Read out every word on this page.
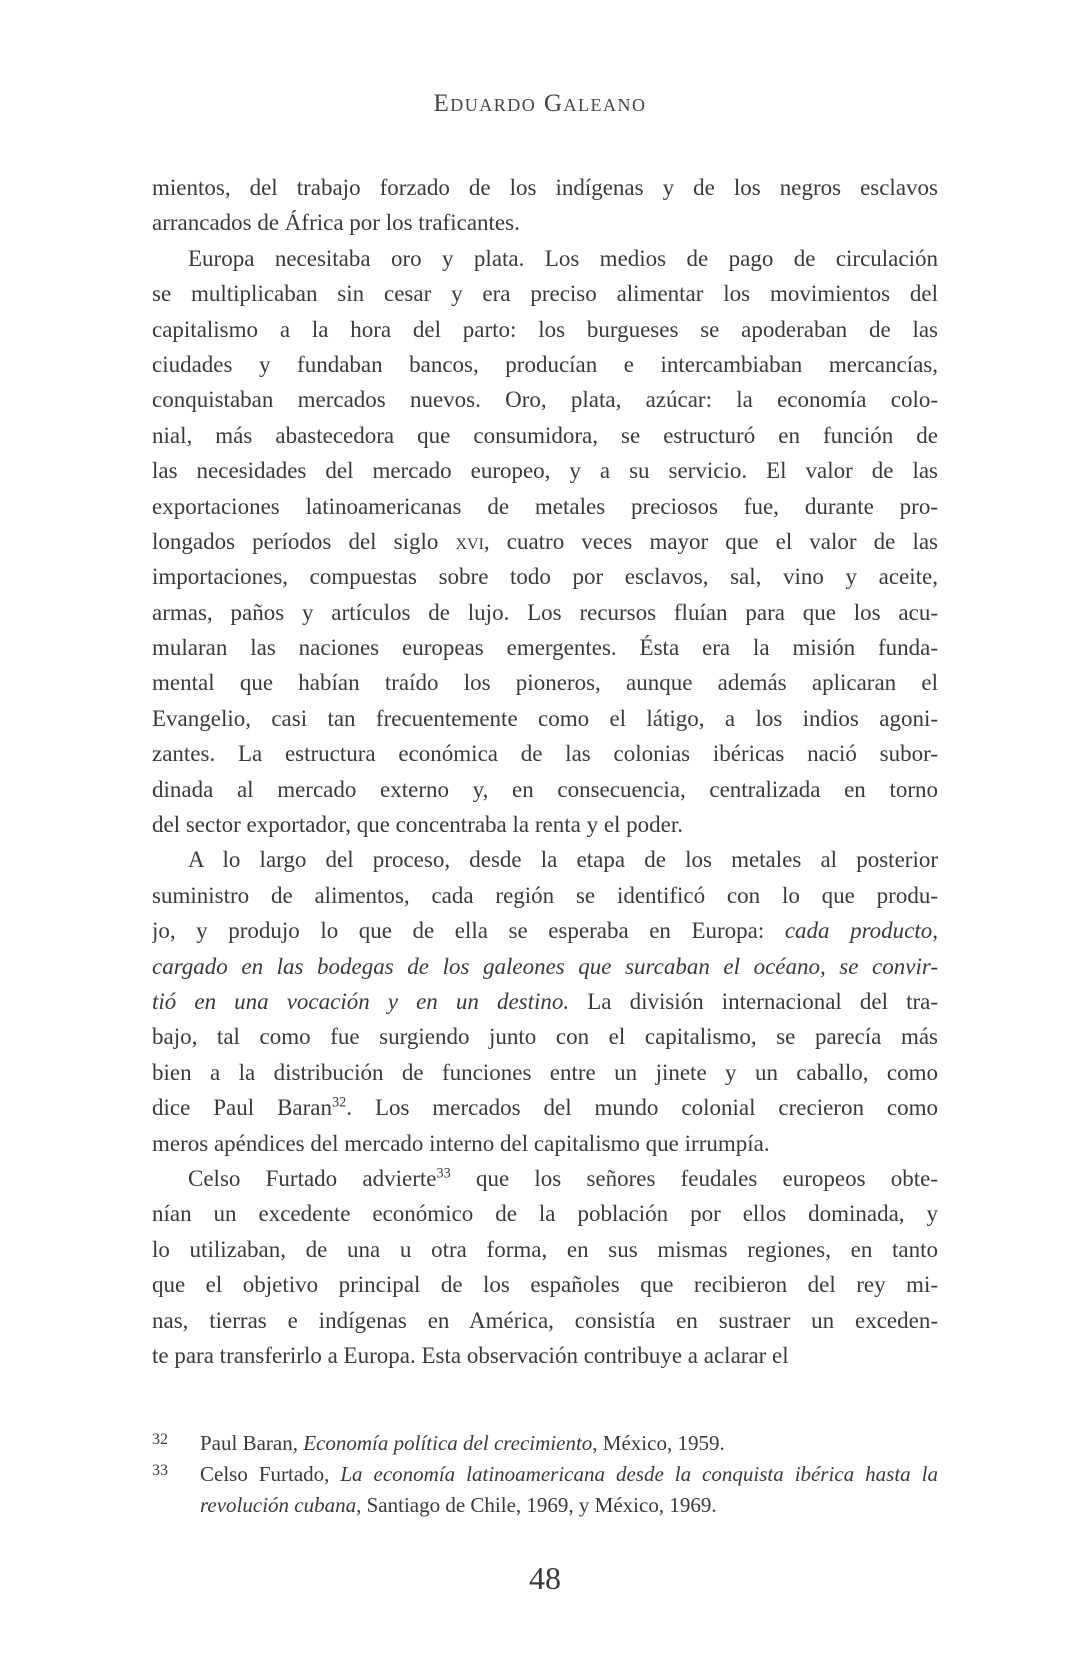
Eduardo Galeano
mientos, del trabajo forzado de los indígenas y de los negros esclavos
arrancados de África por los traficantes.
Europa necesitaba oro y plata. Los medios de pago de circulación
se multiplicaban sin cesar y era preciso alimentar los movimientos del
capitalismo a la hora del parto: los burgueses se apoderaban de las
ciudades y fundaban bancos, producían e intercambiaban mercancías,
conquistaban mercados nuevos. Oro, plata, azúcar: la economía colo-
nial, más abastecedora que consumidora, se estructuró en función de
las necesidades del mercado europeo, y a su servicio. El valor de las
exportaciones latinoamericanas de metales preciosos fue, durante pro-
longados períodos del siglo xvi, cuatro veces mayor que el valor de las
importaciones, compuestas sobre todo por esclavos, sal, vino y aceite,
armas, paños y artículos de lujo. Los recursos fluían para que los acu-
mularan las naciones europeas emergentes. Ésta era la misión funda-
mental que habían traído los pioneros, aunque además aplicaran el
Evangelio, casi tan frecuentemente como el látigo, a los indios agoni-
zantes. La estructura económica de las colonias ibéricas nació subor-
dinada al mercado externo y, en consecuencia, centralizada en torno
del sector exportador, que concentraba la renta y el poder.
A lo largo del proceso, desde la etapa de los metales al posterior
suministro de alimentos, cada región se identificó con lo que produ-
jo, y produjo lo que de ella se esperaba en Europa: cada producto,
cargado en las bodegas de los galeones que surcaban el océano, se convir-
tió en una vocación y en un destino. La división internacional del tra-
bajo, tal como fue surgiendo junto con el capitalismo, se parecía más
bien a la distribución de funciones entre un jinete y un caballo, como
dice Paul Baran$^{32}$. Los mercados del mundo colonial crecieron como
meros apéndices del mercado interno del capitalismo que irrumpía.
Celso Furtado advierte$^{33}$ que los señores feudales europeos obte-
nían un excedente económico de la población por ellos dominada, y
lo utilizaban, de una u otra forma, en sus mismas regiones, en tanto
que el objetivo principal de los españoles que recibieron del rey mi-
nas, tierras e indígenas en América, consistía en sustraer un exceden-
te para transferirlo a Europa. Esta observación contribuye a aclarar el
32	Paul Baran, Economía política del crecimiento, México, 1959.
33	Celso Furtado, La economía latinoamericana desde la conquista ibérica hasta la
revolución cubana, Santiago de Chile, 1969, y México, 1969.
48
